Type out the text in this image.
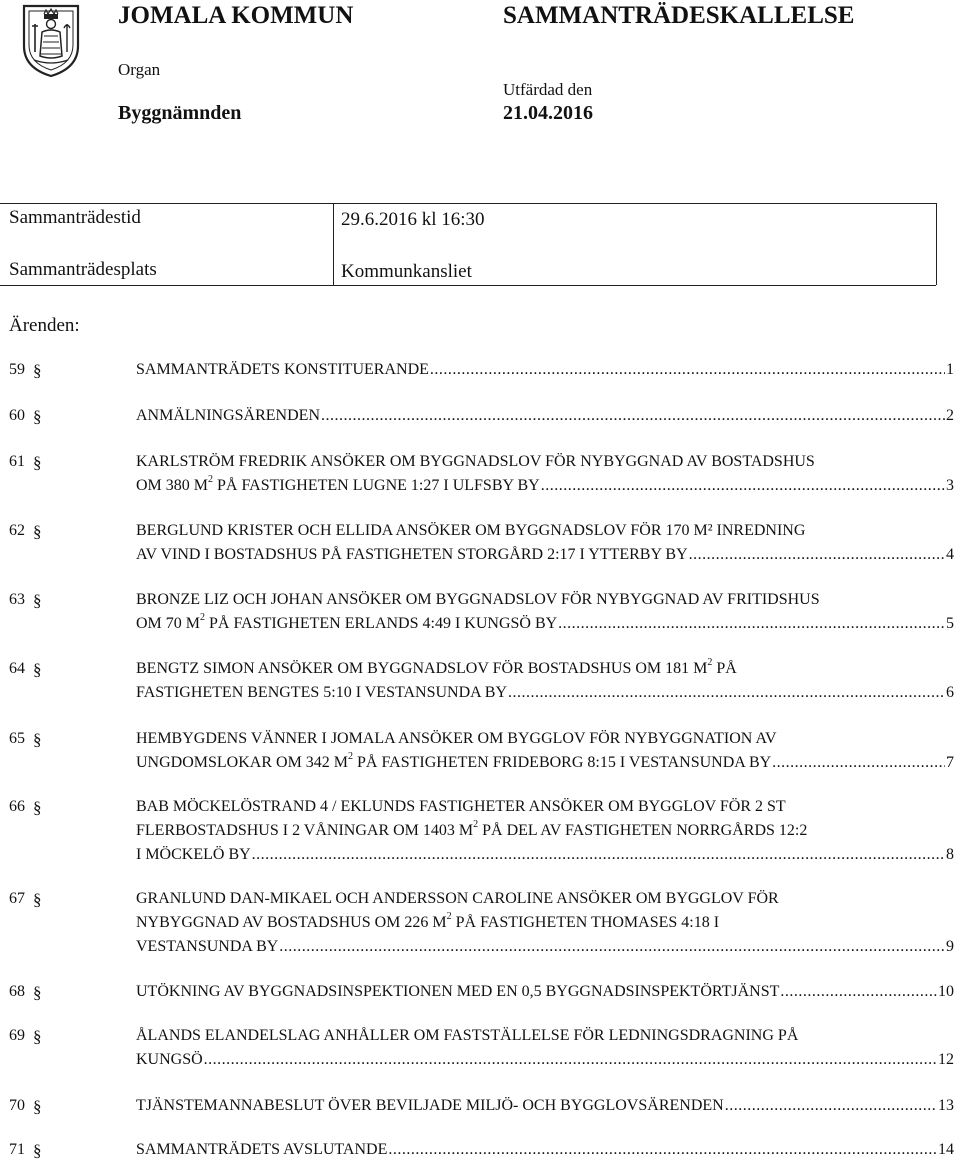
JOMALA KOMMUN	SAMMANTRÄDESKALLELSE
Organ
Utfärdad den
Byggnämnden	21.04.2016
Sammanträdestid	29.6.2016 kl 16:30
Sammanträdesplats	Kommunkansliet
Ärenden:
59 §	SAMMANTRÄDETS KONSTITUERANDE .....	1
60 §	ANMÄLNINGSÄRENDEN .....	2
61 §	KARLSTRÖM FREDRIK ANSÖKER OM BYGGNADSLOV FÖR NYBYGGNAD AV BOSTADSHUS
OM 380 $M^2$ PÅ FASTIGHETEN LUGNE 1:27 I ULFSBY BY .....	3
62 §	BERGLUND KRISTER OCH ELLIDA ANSÖKER OM BYGGNADSLOV FÖR 170 M² INREDNING
AV VIND I BOSTADSHUS PÅ FASTIGHETEN STORGÅRD 2:17 I YTTERBY BY .....	4
63 §	BRONZE LIZ OCH JOHAN ANSÖKER OM BYGGNADSLOV FÖR NYBYGGNAD AV FRITIDSHUS
OM 70 $M^2$ PÅ FASTIGHETEN ERLANDS 4:49 I KUNGSÖ BY .....	5
64 §	BENGTZ SIMON ANSÖKER OM BYGGNADSLOV FÖR BOSTADSHUS OM 181 $M^2$ PÅ
FASTIGHETEN BENGTES 5:10 I VESTANSUNDA BY .....	6
65 §	HEMBYGDENS VÄNNER I JOMALA ANSÖKER OM BYGGLOV FÖR NYBYGGNATION AV
UNGDOMSLOKAR OM 342 $M^2$ PÅ FASTIGHETEN FRIDEBORG 8:15 I VESTANSUNDA BY .....	7
66 §	BAB MÖCKELÖSTRAND 4 / EKLUNDS FASTIGHETER ANSÖKER OM BYGGLOV FÖR 2 ST
FLERBOSTADSHUS I 2 VÅNINGAR OM 1403 $M^2$ PÅ DEL AV FASTIGHETEN NORRGÅRDS 12:2
I MÖCKELÖ BY .....	8
67 §	GRANLUND DAN-MIKAEL OCH ANDERSSON CAROLINE ANSÖKER OM BYGGLOV FÖR
NYBYGGNAD AV BOSTADSHUS OM 226 $M^2$ PÅ FASTIGHETEN THOMASES 4:18 I
VESTANSUNDA BY .....	9
68 §	UTÖKNING AV BYGGNADSINSPEKTIONEN MED EN 0,5 BYGGNADSINSPEKTÖRTJÄNST .....	10
69 §	ÅLANDS ELANDELSLAG ANHÅLLER OM FASTSTÄLLELSE FÖR LEDNINGSDRAGNING PÅ
KUNGSÖ .....	12
70 §	TJÄNSTEMANNABESLUT ÖVER BEVILJADE MILJÖ- OCH BYGGLOVSÄRENDEN .....	13
71 §	SAMMANTRÄDETS AVSLUTANDE .....	14
